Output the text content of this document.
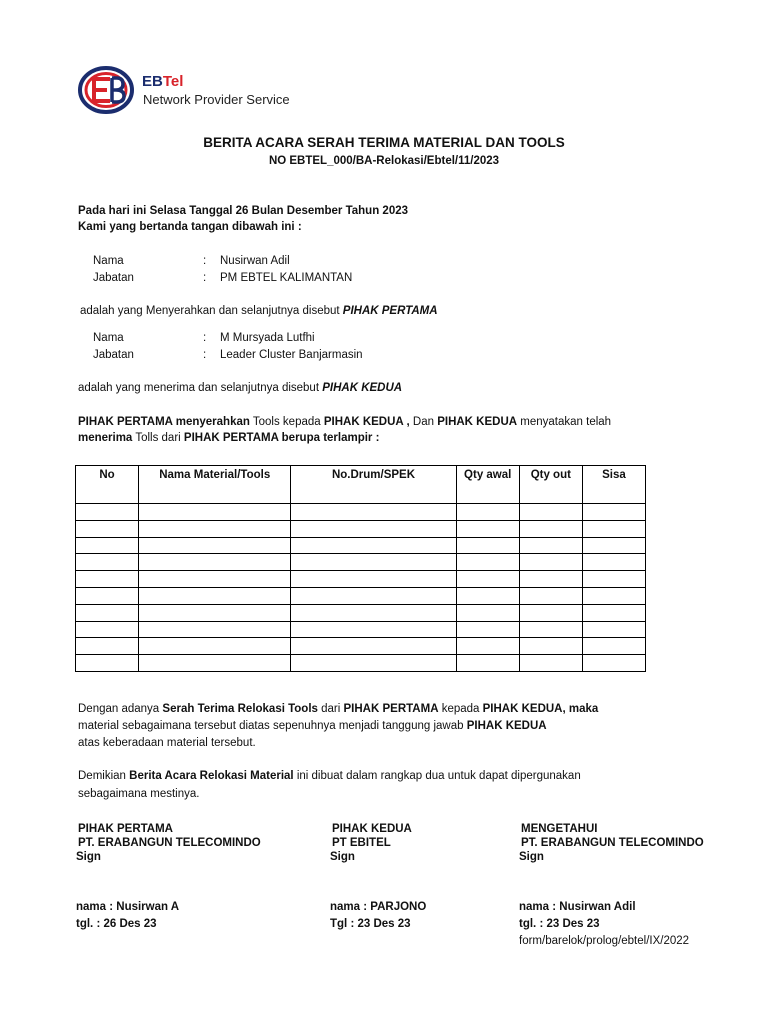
EBTel
Network Provider Service
BERITA ACARA SERAH TERIMA MATERIAL DAN TOOLS
NO EBTEL_000/BA-Relokasi/Ebtel/11/2023
Pada hari ini Selasa Tanggal 26 Bulan Desember Tahun 2023
Kami yang bertanda tangan dibawah ini :
Nama	: Nusirwan Adil
Jabatan	: PM EBTEL KALIMANTAN
adalah yang Menyerahkan dan selanjutnya disebut PIHAK PERTAMA
Nama	: M Mursyada Lutfhi
Jabatan	: Leader Cluster Banjarmasin
adalah yang menerima dan selanjutnya disebut PIHAK KEDUA
PIHAK PERTAMA menyerahkan Tools kepada PIHAK KEDUA , Dan PIHAK KEDUA menyatakan telah
menerima Tolls dari PIHAK PERTAMA berupa terlampir :
No	Nama Material/Tools	No.Drum/SPEK	Qty awal	Qty out	Sisa

Dengan adanya Serah Terima Relokasi Tools dari PIHAK PERTAMA kepada PIHAK KEDUA, maka
material sebagaimana tersebut diatas sepenuhnya menjadi tanggung jawab PIHAK KEDUA
atas keberadaan material tersebut.
Demikian Berita Acara Relokasi Material ini dibuat dalam rangkap dua untuk dapat dipergunakan
sebagaimana mestinya.
PIHAK PERTAMA
PT. ERABANGUN TELECOMINDO
Sign
nama : Nusirwan A
tgl. : 26 Des 23
PIHAK KEDUA
PT EBITEL
Sign
nama : PARJONO
Tgl : 23 Des 23
MENGETAHUI
PT. ERABANGUN TELECOMINDO
Sign
nama : Nusirwan Adil
tgl. : 23 Des 23
form/barelok/prolog/ebtel/IX/2022
